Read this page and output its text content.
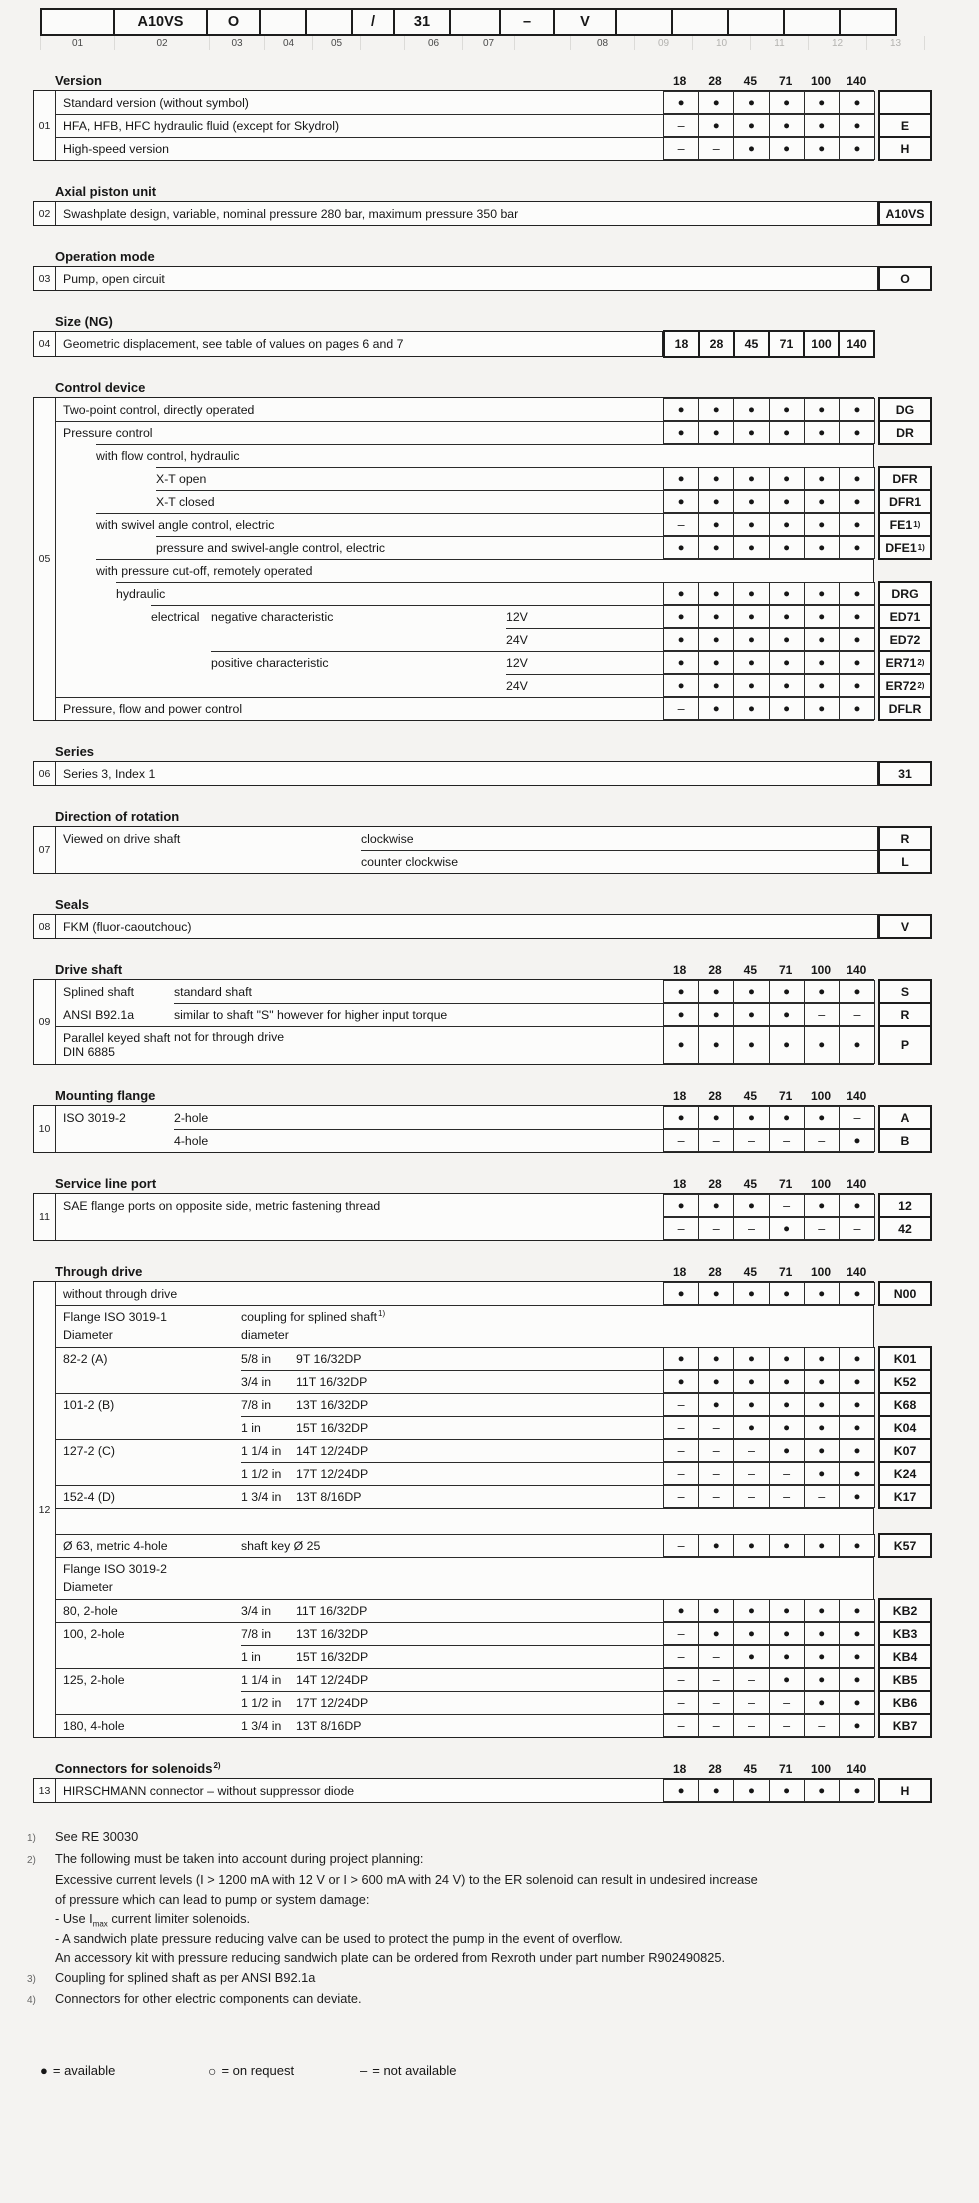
A10VS	O	/	31	–	V
01	02	03	04	05	06	07	08	09	10	11	12	13
Version	18	28	45	71	100	140
01
Standard version (without symbol)	●	●	●	●	●	●
HFA, HFB, HFC hydraulic fluid (except for Skydrol)	–	●	●	●	●	●	E
High-speed version	–	–	●	●	●	●	H
Axial piston unit
02	Swashplate design, variable, nominal pressure 280 bar, maximum pressure 350 bar	A10VS
Operation mode
03	Pump, open circuit	O
Size (NG)
04	Geometric displacement, see table of values on pages 6 and 7	18	28	45	71	100	140
Control device
05
Two-point control, directly operated	●	●	●	●	●	●	DG
Pressure control	●	●	●	●	●	●	DR
with flow control, hydraulic
X-T open	●	●	●	●	●	●	DFR
X-T closed	●	●	●	●	●	●	DFR1
with swivel angle control, electric	–	●	●	●	●	●	FE1 1)
pressure and swivel-angle control, electric	●	●	●	●	●	●	DFE1 1)
with pressure cut-off, remotely operated
hydraulic	●	●	●	●	●	●	DRG
electrical negative characteristic	12V	●	●	●	●	●	●	ED71
24V	●	●	●	●	●	●	ED72
positive characteristic	12V	●	●	●	●	●	●	ER71 2)
24V	●	●	●	●	●	●	ER72 2)
Pressure, flow and power control	–	●	●	●	●	●	DFLR
Series
06	Series 3, Index 1	31
Direction of rotation
07
Viewed on drive shaft	clockwise	R
counter clockwise	L
Seals
08	FKM (fluor-caoutchouc)	V
Drive shaft	18	28	45	71	100	140
09
Splined shaft	standard shaft	●	●	●	●	●	●	S
ANSI B92.1a	similar to shaft "S" however for higher input torque	●	●	●	●	–	–	R
Parallel keyed shaft
DIN 6885
not for through drive
●	●	●	●	●	●	P
Mounting flange	18	28	45	71	100	140
10
ISO 3019-2	2-hole	●	●	●	●	●	–	A
4-hole	–	–	–	–	–	●	B
Service line port	18	28	45	71	100	140
11
SAE flange ports on opposite side, metric fastening thread	●	●	●	–	●	●	12
–	–	–	●	–	–	42
Through drive	18	28	45	71	100	140
12
without through drive	●	●	●	●	●	●	N00
Flange ISO 3019-1
Diameter
coupling for splined shaft$^{1)}$
diameter
82-2 (A)	5/8 in 9T 16/32DP	●	●	●	●	●	●	K01
3/4 in 11T 16/32DP	●	●	●	●	●	●	K52
101-2 (B)	7/8 in 13T 16/32DP	–	●	●	●	●	●	K68
1 in	15T 16/32DP	–	–	●	●	●	●	K04
127-2 (C)	1 1/4 in 14T 12/24DP	–	–	–	●	●	●	K07
1 1/2 in 17T 12/24DP	–	–	–	–	●	●	K24
152-4 (D)	1 3/4 in 13T 8/16DP	–	–	–	–	–	●	K17
Ø 63, metric 4-hole	shaft key Ø 25	–	●	●	●	●	●	K57
Flange ISO 3019-2
Diameter
80, 2-hole	3/4 in 11T 16/32DP	●	●	●	●	●	●	KB2
100, 2-hole	7/8 in 13T 16/32DP	–	●	●	●	●	●	KB3
1 in	15T 16/32DP	–	–	●	●	●	●	KB4
125, 2-hole	1 1/4 in 14T 12/24DP	–	–	–	●	●	●	KB5
1 1/2 in 17T 12/24DP	–	–	–	–	●	●	KB6
180, 4-hole	1 3/4 in 13T 8/16DP	–	–	–	–	–	●	KB7
Connectors for solenoids$^{2)}$	18	28	45	71	100	140
13	HIRSCHMANN connector – without suppressor diode	●	●	●	●	●	●	H
1)	See RE 30030
2)	The following must be taken into account during project planning:
Excessive current levels (I > 1200 mA with 12 V or I > 600 mA with 24 V) to the ER solenoid can result in undesired increase
of pressure which can lead to pump or system damage:
- Use $I_{max}$ current limiter solenoids.
- A sandwich plate pressure reducing valve can be used to protect the pump in the event of overflow.
An accessory kit with pressure reducing sandwich plate can be ordered from Rexroth under part number R902490825.
3)	Coupling for splined shaft as per ANSI B92.1a
4)	Connectors for other electric components can deviate.
● = available	○ = on request	– = not available
